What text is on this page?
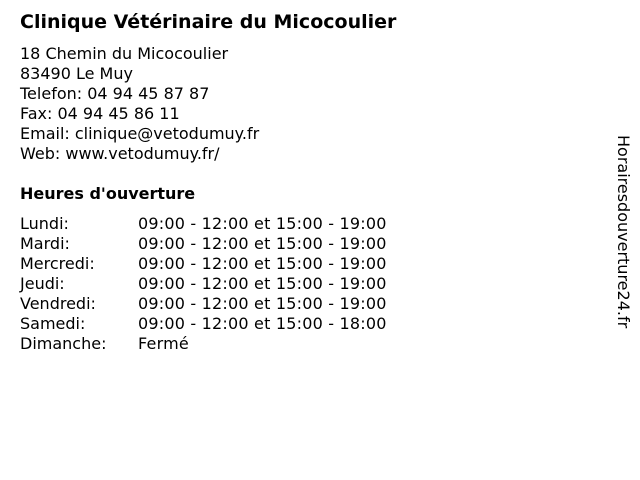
Clinique Vétérinaire du Micocoulier
18 Chemin du Micocoulier
83490 Le Muy
Telefon: 04 94 45 87 87
Fax: 04 94 45 86 11
Email: clinique@vetodumuy.fr
Web: www.vetodumuy.fr/
Heures d'ouverture
Lundi:	09:00 - 12:00 et 15:00 - 19:00
Mardi:	09:00 - 12:00 et 15:00 - 19:00
Mercredi:	09:00 - 12:00 et 15:00 - 19:00
Jeudi:	09:00 - 12:00 et 15:00 - 19:00
Vendredi:	09:00 - 12:00 et 15:00 - 19:00
Samedi:	09:00 - 12:00 et 15:00 - 18:00
Dimanche: Fermé
Horairesdouverture24.fr
